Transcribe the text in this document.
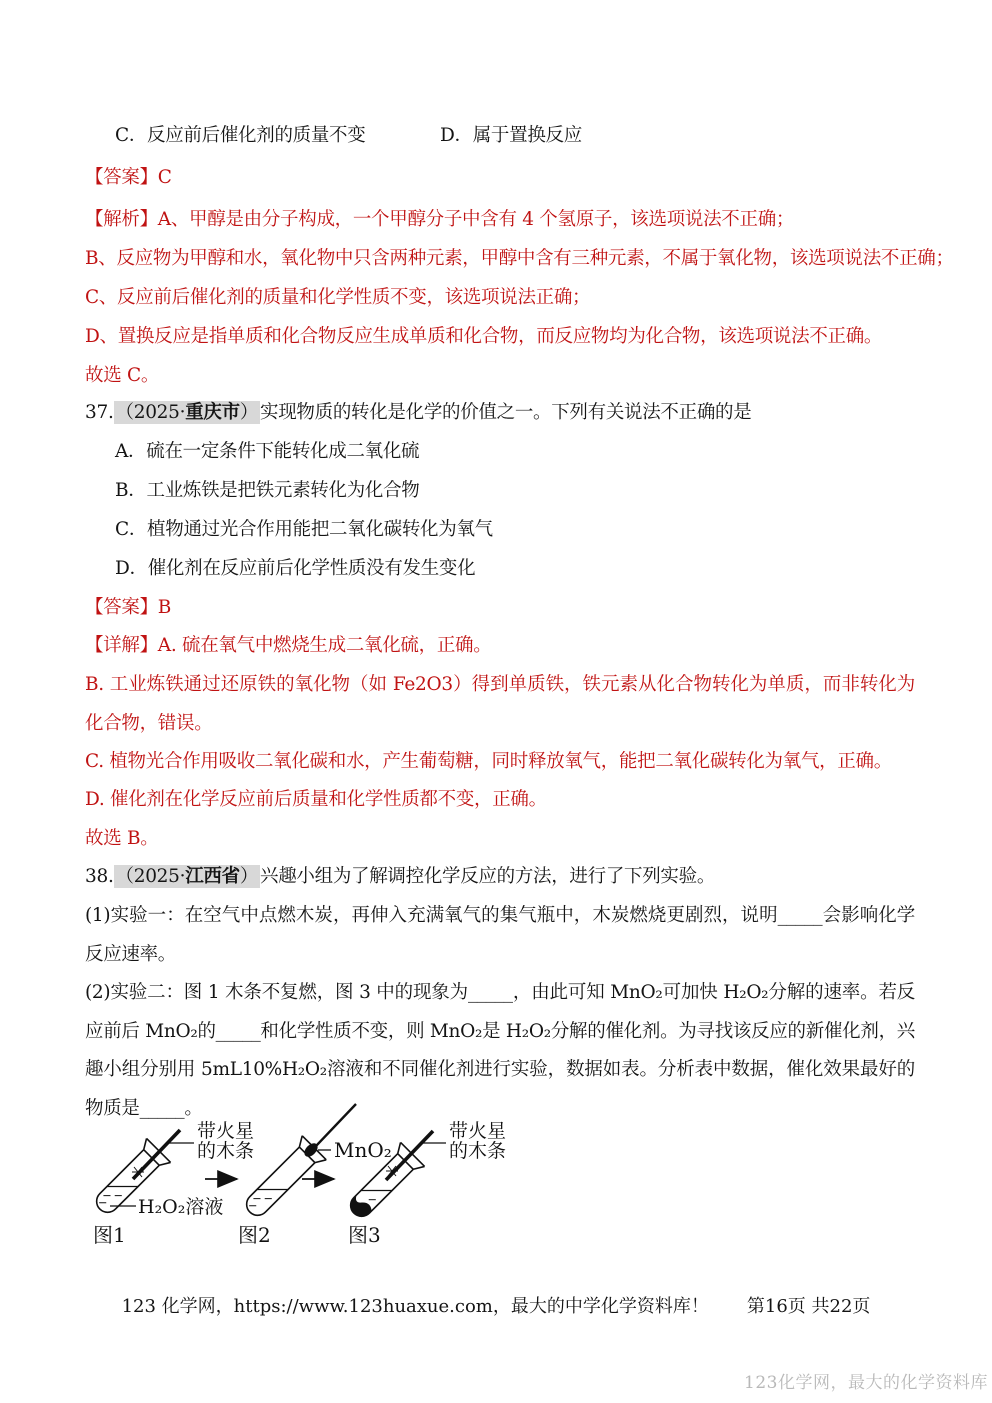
C．反应前后催化剂的质量不变	D．属于置换反应
【答案】C
【解析】A、甲醇是由分子构成，一个甲醇分子中含有 4 个氢原子，该选项说法不正确；
B、反应物为甲醇和水，氧化物中只含两种元素，甲醇中含有三种元素，不属于氧化物，该选项说法不正确；
C、反应前后催化剂的质量和化学性质不变，该选项说法正确；
D、置换反应是指单质和化合物反应生成单质和化合物，而反应物均为化合物，该选项说法不正确。
故选 C。
37. （2025·重庆市） 实现物质的转化是化学的价值之一。下列有关说法不正确的是
A．硫在一定条件下能转化成二氧化硫
B．工业炼铁是把铁元素转化为化合物
C．植物通过光合作用能把二氧化碳转化为氧气
D．催化剂在反应前后化学性质没有发生变化
【答案】B
【详解】A. 硫在氧气中燃烧生成二氧化硫，正确。
B. 工业炼铁通过还原铁的氧化物（如 Fe2O3）得到单质铁，铁元素从化合物转化为单质，而非转化为化合物，错误。
C. 植物光合作用吸收二氧化碳和水，产生葡萄糖，同时释放氧气，能把二氧化碳转化为氧气，正确。
D. 催化剂在化学反应前后质量和化学性质都不变，正确。
故选 B。
38. （2025·江西省） 兴趣小组为了解调控化学反应的方法，进行了下列实验。
(1)实验一：在空气中点燃木炭，再伸入充满氧气的集气瓶中，木炭燃烧更剧烈，说明_____会影响化学反应速率。
(2)实验二：图 1 木条不复燃，图 3 中的现象为_____，由此可知 MnO₂可加快 H₂O₂分解的速率。若反应前后 MnO₂的_____和化学性质不变，则 MnO₂是 H₂O₂分解的催化剂。为寻找该反应的新催化剂，兴趣小组分别用 5mL10%H₂O₂溶液和不同催化剂进行实验，数据如表。分析表中数据，催化效果最好的物质是_____。
带火星
的木条
H₂O₂溶液
图1
MnO₂
图2
带火星
的木条
图3
123 化学网，https://www.123huaxue.com，最大的中学化学资料库！ 第16页 共22页
123化学网，最大的化学资料库
